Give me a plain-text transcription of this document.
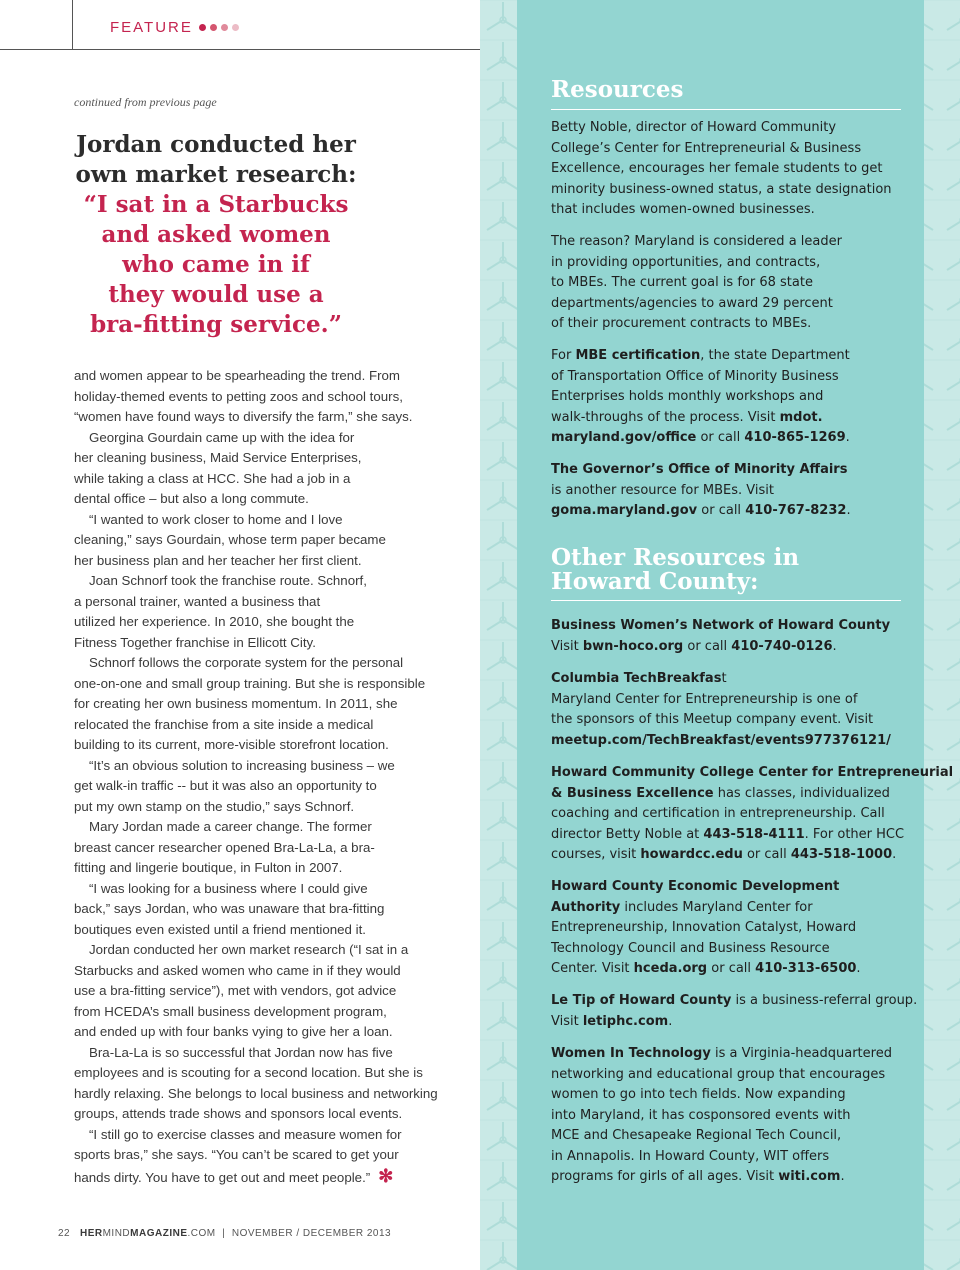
FEATURE
continued from previous page
Jordan conducted her
own market research:
“I sat in a Starbucks
and asked women
who came in if
they would use a
bra-fitting service.”
and women appear to be spearheading the trend. From
holiday-themed events to petting zoos and school tours,
“women have found ways to diversify the farm,” she says.
Georgina Gourdain came up with the idea for
her cleaning business, Maid Service Enterprises,
while taking a class at HCC. She had a job in a
dental office – but also a long commute.
“I wanted to work closer to home and I love
cleaning,” says Gourdain, whose term paper became
her business plan and her teacher her first client.
Joan Schnorf took the franchise route. Schnorf,
a personal trainer, wanted a business that
utilized her experience. In 2010, she bought the
Fitness Together franchise in Ellicott City.
Schnorf follows the corporate system for the personal
one-on-one and small group training. But she is responsible
for creating her own business momentum. In 2011, she
relocated the franchise from a site inside a medical
building to its current, more-visible storefront location.
“It’s an obvious solution to increasing business – we
get walk-in traffic -- but it was also an opportunity to
put my own stamp on the studio,” says Schnorf.
Mary Jordan made a career change. The former
breast cancer researcher opened Bra-La-La, a bra-
fitting and lingerie boutique, in Fulton in 2007.
“I was looking for a business where I could give
back,” says Jordan, who was unaware that bra-fitting
boutiques even existed until a friend mentioned it.
Jordan conducted her own market research (“I sat in a
Starbucks and asked women who came in if they would
use a bra-fitting service”), met with vendors, got advice
from HCEDA’s small business development program,
and ended up with four banks vying to give her a loan.
Bra-La-La is so successful that Jordan now has five
employees and is scouting for a second location. But she is
hardly relaxing. She belongs to local business and networking
groups, attends trade shows and sponsors local events.
“I still go to exercise classes and measure women for
sports bras,” she says. “You can’t be scared to get your
hands dirty. You have to get out and meet people.” ✻
22 HERMINDMAGAZINE.COM | NOVEMBER / DECEMBER 2013
Resources
Betty Noble, director of Howard Community
College’s Center for Entrepreneurial & Business
Excellence, encourages her female students to get
minority business-owned status, a state designation
that includes women-owned businesses.
The reason? Maryland is considered a leader
in providing opportunities, and contracts,
to MBEs. The current goal is for 68 state
departments/agencies to award 29 percent
of their procurement contracts to MBEs.
For MBE certification, the state Department
of Transportation Office of Minority Business
Enterprises holds monthly workshops and
walk-throughs of the process. Visit mdot.
maryland.gov/office or call 410-865-1269.
The Governor’s Office of Minority Affairs
is another resource for MBEs. Visit
goma.maryland.gov or call 410-767-8232.
Other Resources in
Howard County:
Business Women’s Network of Howard County
Visit bwn-hoco.org or call 410-740-0126.
Columbia TechBreakfast
Maryland Center for Entrepreneurship is one of
the sponsors of this Meetup company event. Visit
meetup.com/TechBreakfast/events977376121/
Howard Community College Center for Entrepreneurial
& Business Excellence has classes, individualized
coaching and certification in entrepreneurship. Call
director Betty Noble at 443-518-4111. For other HCC
courses, visit howardcc.edu or call 443-518-1000.
Howard County Economic Development
Authority includes Maryland Center for
Entrepreneurship, Innovation Catalyst, Howard
Technology Council and Business Resource
Center. Visit hceda.org or call 410-313-6500.
Le Tip of Howard County is a business-referral group.
Visit letiphc.com.
Women In Technology is a Virginia-headquartered
networking and educational group that encourages
women to go into tech fields. Now expanding
into Maryland, it has cosponsored events with
MCE and Chesapeake Regional Tech Council,
in Annapolis. In Howard County, WIT offers
programs for girls of all ages. Visit witi.com.
